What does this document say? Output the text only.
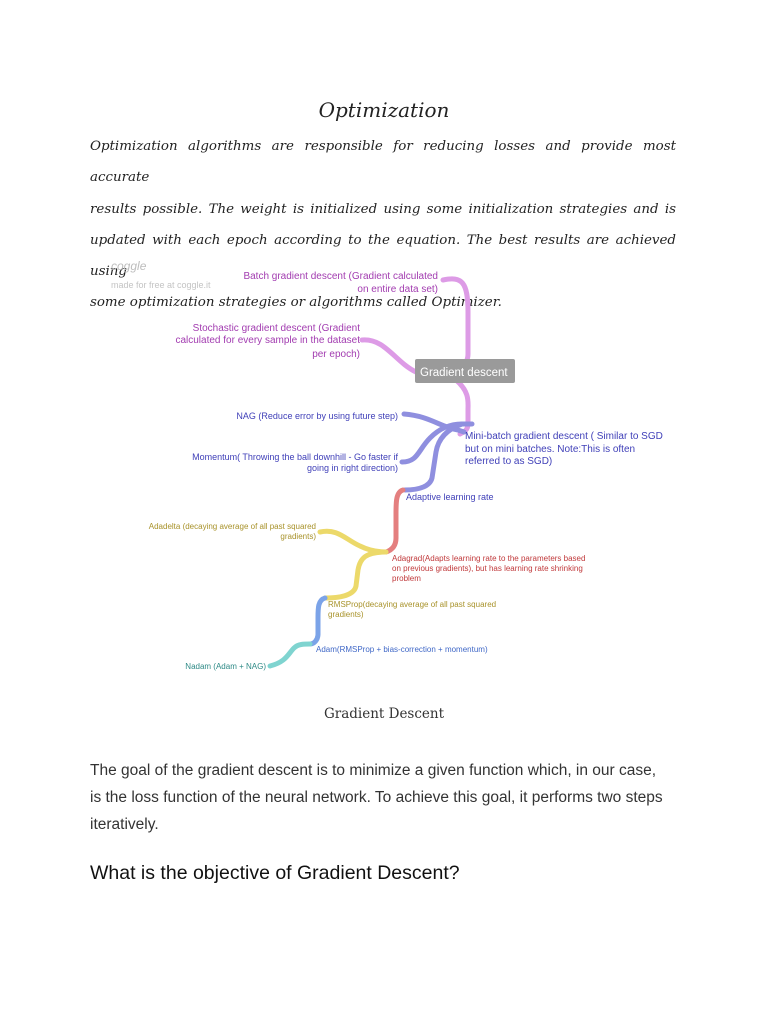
Optimization
Optimization algorithms are responsible for reducing losses and provide most accurate
results possible. The weight is initialized using some initialization strategies and is
updated with each epoch according to the equation. The best results are achieved using
some optimization strategies or algorithms called Optimizer.
coggle
made for free at coggle.it
Gradient descent
Batch gradient descent (Gradient calculated
on entire data set)
Stochastic gradient descent (Gradient
calculated for every sample in the dataset
per epoch)
NAG (Reduce error by using future step)
Momentum( Throwing the ball downhill - Go faster if
going in right direction)
Mini-batch gradient descent ( Similar to SGD
but on mini batches. Note:This is often
referred to as SGD)
Adaptive learning rate
Adadelta (decaying average of all past squared
gradients)
Adagrad(Adapts learning rate to the parameters based
on previous gradients), but has learning rate shrinking
problem
RMSProp(decaying average of all past squared
gradients)
Adam(RMSProp + bias-correction + momentum)
Nadam (Adam + NAG)
Gradient Descent
The goal of the gradient descent is to minimize a given function which, in our case,
is the loss function of the neural network. To achieve this goal, it performs two steps
iteratively.
What is the objective of Gradient Descent?
